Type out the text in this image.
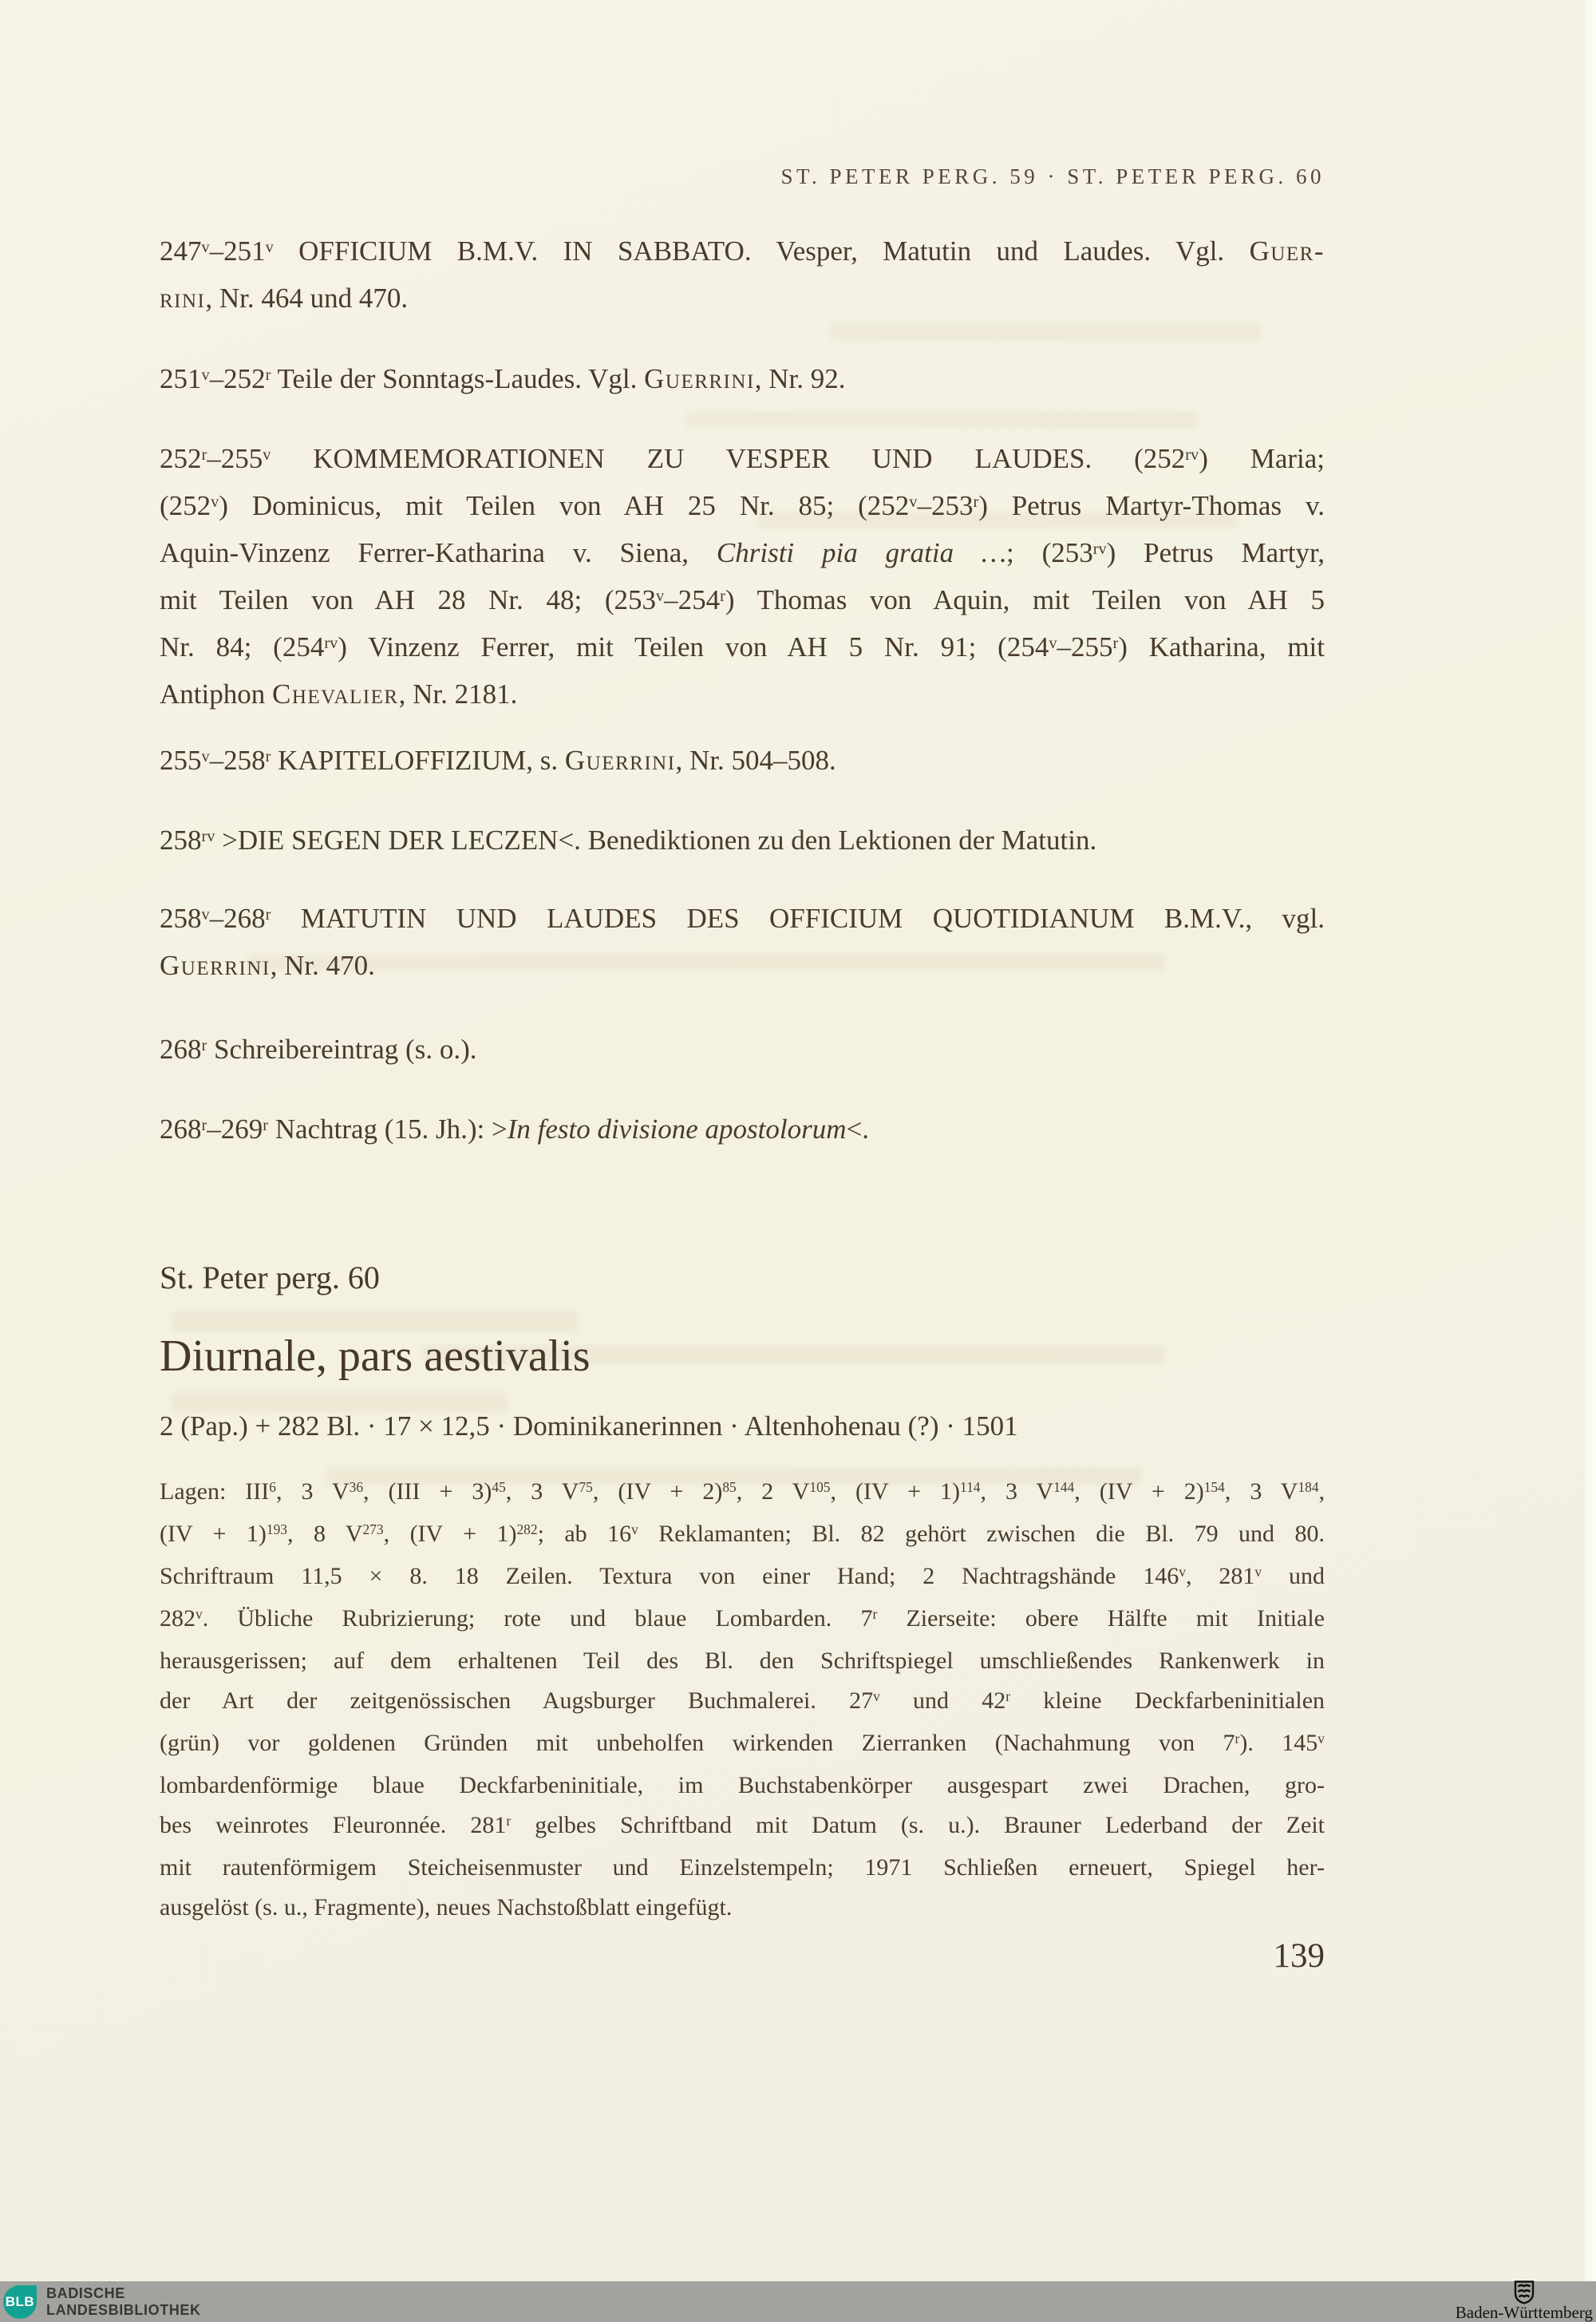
ST. PETER PERG. 59 · ST. PETER PERG. 60
247$^v$–251$^v$ OFFICIUM B.M.V. IN SABBATO. Vesper, Matutin und Laudes. Vgl. Guer-
rini, Nr. 464 und 470.
251$^v$–252$^r$ Teile der Sonntags-Laudes. Vgl. Guerrini, Nr. 92.
252$^r$–255$^v$ KOMMEMORATIONEN ZU VESPER UND LAUDES. $(252^{rv})$ Maria;
(252$^v$) Dominicus, mit Teilen von AH 25 Nr. 85; (252$^v$–253$^r$) Petrus Martyr-Thomas v.
Aquin-Vinzenz Ferrer-Katharina v. Siena, Christi pia gratia …; $(253^{rv})$ Petrus Martyr,
mit Teilen von AH 28 Nr. 48; (253$^v$–254$^r$) Thomas von Aquin, mit Teilen von AH 5
Nr. 84; $(254^{rv})$ Vinzenz Ferrer, mit Teilen von AH 5 Nr. 91; (254$^v$–255$^r$) Katharina, mit
Antiphon Chevalier, Nr. 2181.
255$^v$–258$^r$ KAPITELOFFIZIUM, s. Guerrini, Nr. 504–508.
$258^{rv} >DIE$ SEGEN DER LECZEN<. Benediktionen zu den Lektionen der Matutin.
258$^v$–268$^r$ MATUTIN UND LAUDES DES OFFICIUM QUOTIDIANUM B.M.V., vgl.
Guerrini, Nr. 470.
268$^r$ Schreibereintrag (s. o.).
268$^r$–269$^r$ Nachtrag (15. Jh.): >In festo divisione apostolorum<.
St. Peter perg. 60
Diurnale, pars aestivalis
2 (Pap.) + 282 Bl. · 17 × 12,5 · Dominikanerinnen · Altenhohenau (?) · 1501
Lagen: III$^6$, 3 $V^{36}$, (III + 3)$^{45}$, 3 $V^{75}$, (IV + 2)$^{85}$, 2 $V^{105}$, (IV + 1)$^{114}$, 3 $V^{144}$, (IV + 2)$^{154}$, 3 $V^{184}$,
(IV + 1)$^{193}$, 8 $V^{273}$, (IV + 1)$^{282}$; ab 16$^v$ Reklamanten; Bl. 82 gehört zwischen die Bl. 79 und 80.
Schriftraum 11,5 × 8. 18 Zeilen. Textura von einer Hand; 2 Nachtragshände 146$^v$, 281$^v$ und
282$^v$. Übliche Rubrizierung; rote und blaue Lombarden. 7$^r$ Zierseite: obere Hälfte mit Initiale
herausgerissen; auf dem erhaltenen Teil des Bl. den Schriftspiegel umschließendes Rankenwerk in
der Art der zeitgenössischen Augsburger Buchmalerei. 27$^v$ und 42$^r$ kleine Deckfarbeninitialen
(grün) vor goldenen Gründen mit unbeholfen wirkenden Zierranken (Nachahmung von 7$^r$). 145$^v$
lombardenförmige blaue Deckfarbeninitiale, im Buchstabenkörper ausgespart zwei Drachen, gro-
bes weinrotes Fleuronnée. 281$^r$ gelbes Schriftband mit Datum (s. u.). Brauner Lederband der Zeit
mit rautenförmigem Steicheisenmuster und Einzelstempeln; 1971 Schließen erneuert, Spiegel her-
ausgelöst (s. u., Fragmente), neues Nachstoßblatt eingefügt.
139
BLB
BADISCHE
LANDESBIBLIOTHEK	Baden-Württemberg
